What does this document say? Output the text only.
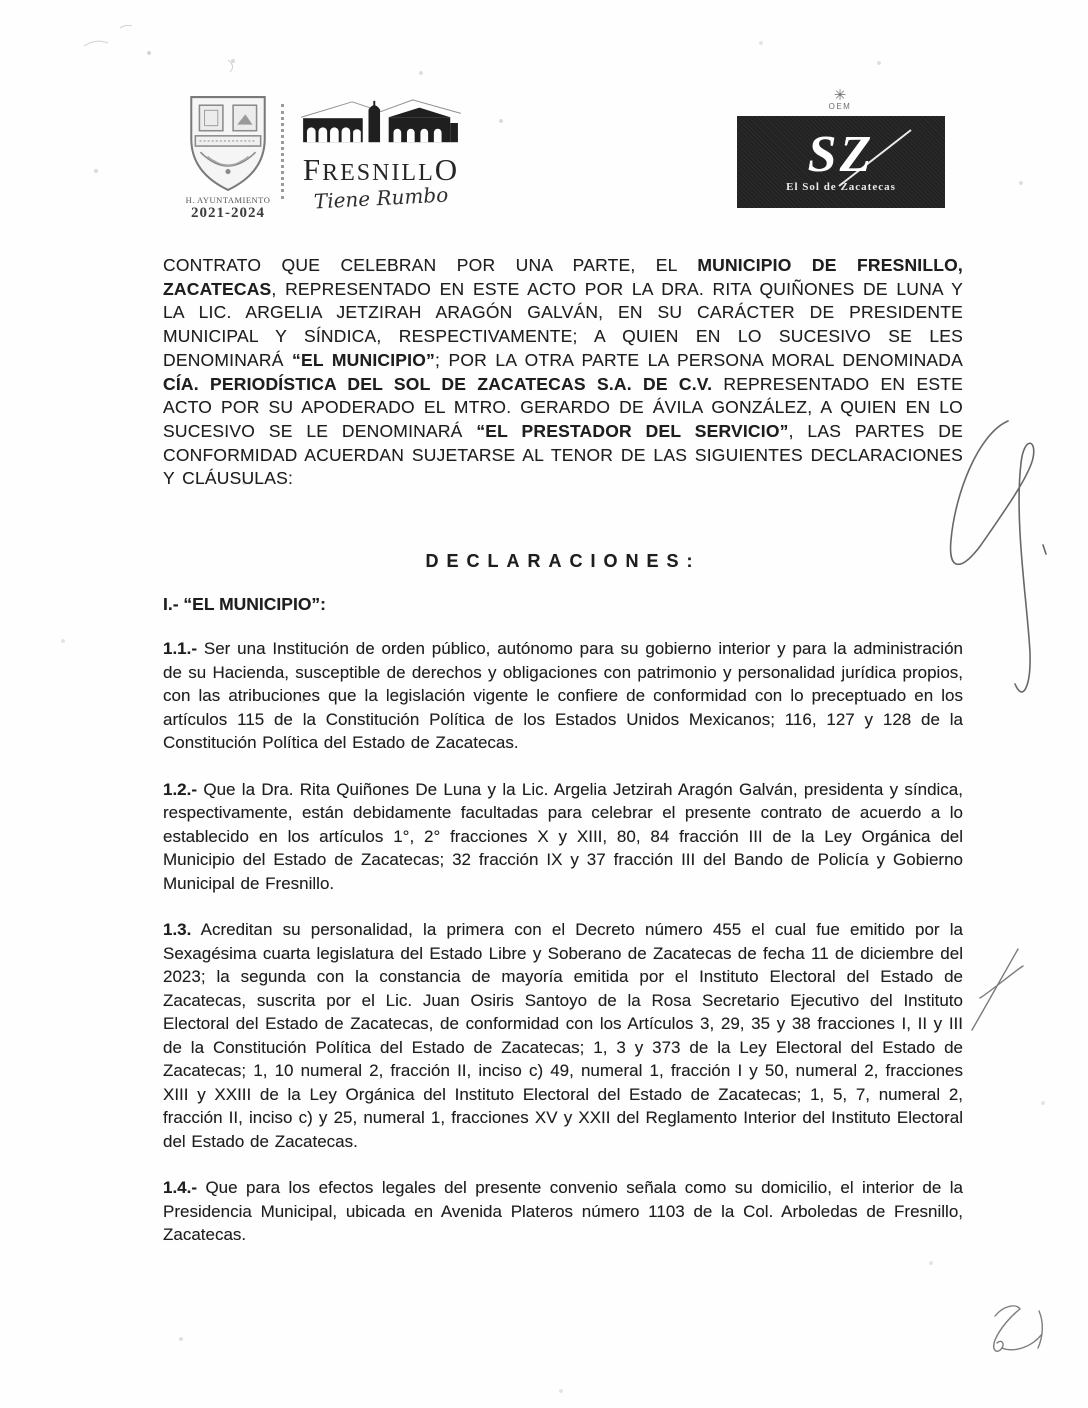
H. AYUNTAMIENTO
2021-2024
FRESNILLO
Tiene Rumbo
✳
OEM
SZ
El Sol de Zacatecas

CONTRATO QUE CELEBRAN POR UNA PARTE, EL MUNICIPIO DE FRESNILLO, ZACATECAS, REPRESENTADO EN ESTE ACTO POR LA DRA. RITA QUIÑONES DE LUNA Y LA LIC. ARGELIA JETZIRAH ARAGÓN GALVÁN, EN SU CARÁCTER DE PRESIDENTE MUNICIPAL Y SÍNDICA, RESPECTIVAMENTE; A QUIEN EN LO SUCESIVO SE LES DENOMINARÁ “EL MUNICIPIO”; POR LA OTRA PARTE LA PERSONA MORAL DENOMINADA CÍA. PERIODÍSTICA DEL SOL DE ZACATECAS S.A. DE C.V. REPRESENTADO EN ESTE ACTO POR SU APODERADO EL MTRO. GERARDO DE ÁVILA GONZÁLEZ, A QUIEN EN LO SUCESIVO SE LE DENOMINARÁ “EL PRESTADOR DEL SERVICIO”, LAS PARTES DE CONFORMIDAD ACUERDAN SUJETARSE AL TENOR DE LAS SIGUIENTES DECLARACIONES Y CLÁUSULAS:

DECLARACIONES:
I.- “EL MUNICIPIO”:

1.1.- Ser una Institución de orden público, autónomo para su gobierno interior y para la administración de su Hacienda, susceptible de derechos y obligaciones con patrimonio y personalidad jurídica propios, con las atribuciones que la legislación vigente le confiere de conformidad con lo preceptuado en los artículos 115 de la Constitución Política de los Estados Unidos Mexicanos; 116, 127 y 128 de la Constitución Política del Estado de Zacatecas.

1.2.- Que la Dra. Rita Quiñones De Luna y la Lic. Argelia Jetzirah Aragón Galván, presidenta y síndica, respectivamente, están debidamente facultadas para celebrar el presente contrato de acuerdo a lo establecido en los artículos 1°, 2° fracciones X y XIII, 80, 84 fracción III de la Ley Orgánica del Municipio del Estado de Zacatecas; 32 fracción IX y 37 fracción III del Bando de Policía y Gobierno Municipal de Fresnillo.

1.3. Acreditan su personalidad, la primera con el Decreto número 455 el cual fue emitido por la Sexagésima cuarta legislatura del Estado Libre y Soberano de Zacatecas de fecha 11 de diciembre del 2023; la segunda con la constancia de mayoría emitida por el Instituto Electoral del Estado de Zacatecas, suscrita por el Lic. Juan Osiris Santoyo de la Rosa Secretario Ejecutivo del Instituto Electoral del Estado de Zacatecas, de conformidad con los Artículos 3, 29, 35 y 38 fracciones I, II y III de la Constitución Política del Estado de Zacatecas; 1, 3 y 373 de la Ley Electoral del Estado de Zacatecas; 1, 10 numeral 2, fracción II, inciso c) 49, numeral 1, fracción I y 50, numeral 2, fracciones XIII y XXIII de la Ley Orgánica del Instituto Electoral del Estado de Zacatecas; 1, 5, 7, numeral 2, fracción II, inciso c) y 25, numeral 1, fracciones XV y XXII del Reglamento Interior del Instituto Electoral del Estado de Zacatecas.

1.4.- Que para los efectos legales del presente convenio señala como su domicilio, el interior de la Presidencia Municipal, ubicada en Avenida Plateros número 1103 de la Col. Arboledas de Fresnillo, Zacatecas.
